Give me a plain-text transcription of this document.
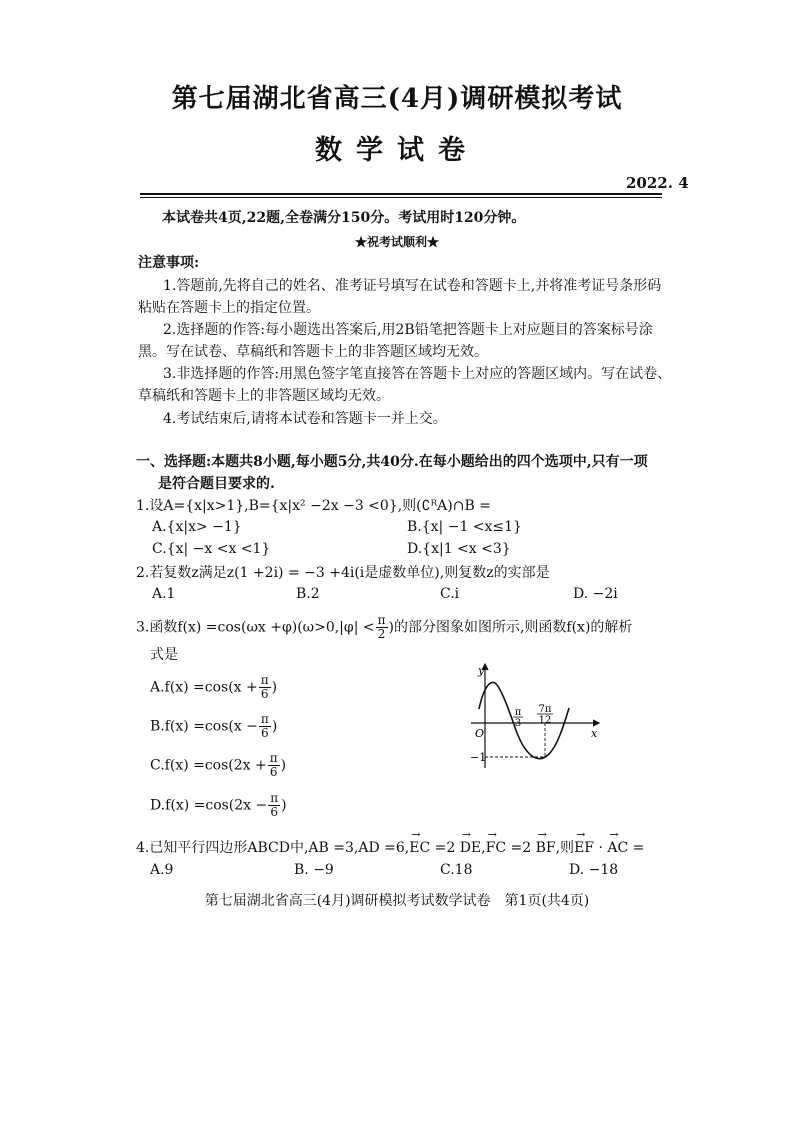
第七届湖北省高三(4月)调研模拟考试
数学试卷
2022. 4
本试卷共4页,22题,全卷满分150分。考试用时120分钟。
★祝考试顺利★
注意事项:
1.答题前,先将自己的姓名、准考证号填写在试卷和答题卡上,并将准考证号条形码
粘贴在答题卡上的指定位置。
2.选择题的作答:每小题选出答案后,用2B铅笔把答题卡上对应题目的答案标号涂
黑。写在试卷、草稿纸和答题卡上的非答题区域均无效。
3.非选择题的作答:用黑色签字笔直接答在答题卡上对应的答题区域内。写在试卷、
草稿纸和答题卡上的非答题区域均无效。
4.考试结束后,请将本试卷和答题卡一并上交。
一、选择题:本题共8小题,每小题5分,共40分.在每小题给出的四个选项中,只有一项
是符合题目要求的.
1.设A={x|x>1},B={x|x² −2x −3 <0},则(∁ᴿA)∩B =
A.{x|x> −1}	B.{x| −1 <x≤1}
C.{x| −x <x <1}	D.{x|1 <x <3}
2.若复数z满足z(1 +2i) = −3 +4i(i是虚数单位),则复数z的实部是
A.1	B.2	C.i	D. −2i
3.函数$f(x) =\cos(\omega x +\varphi)(\omega>0,|\varphi| < \frac{\pi}{2}$ )的部分图象如图所示,则函数f(x)的解析
式是
$A.f(x) =\cos(x + \frac{\pi}{6}$ )
$B.f(x) =\cos(x - \frac{\pi}{6}$ )
$C.f(x) =\cos(2x + \frac{\pi}{6}$ )
$D.f(x) =\cos(2x - \frac{\pi}{6}$ )
y
x
O
−1
π
3
7π
12
4.已知平行四边形ABCD中,AB =3,AD =6,
→
EC =2
→
DE,
→
FC =2
→
BF,则
→
EF ·
→
AC =
A.9	B. −9	C.18	D. −18
第七届湖北省高三(4月)调研模拟考试数学试卷　第1页(共4页)
